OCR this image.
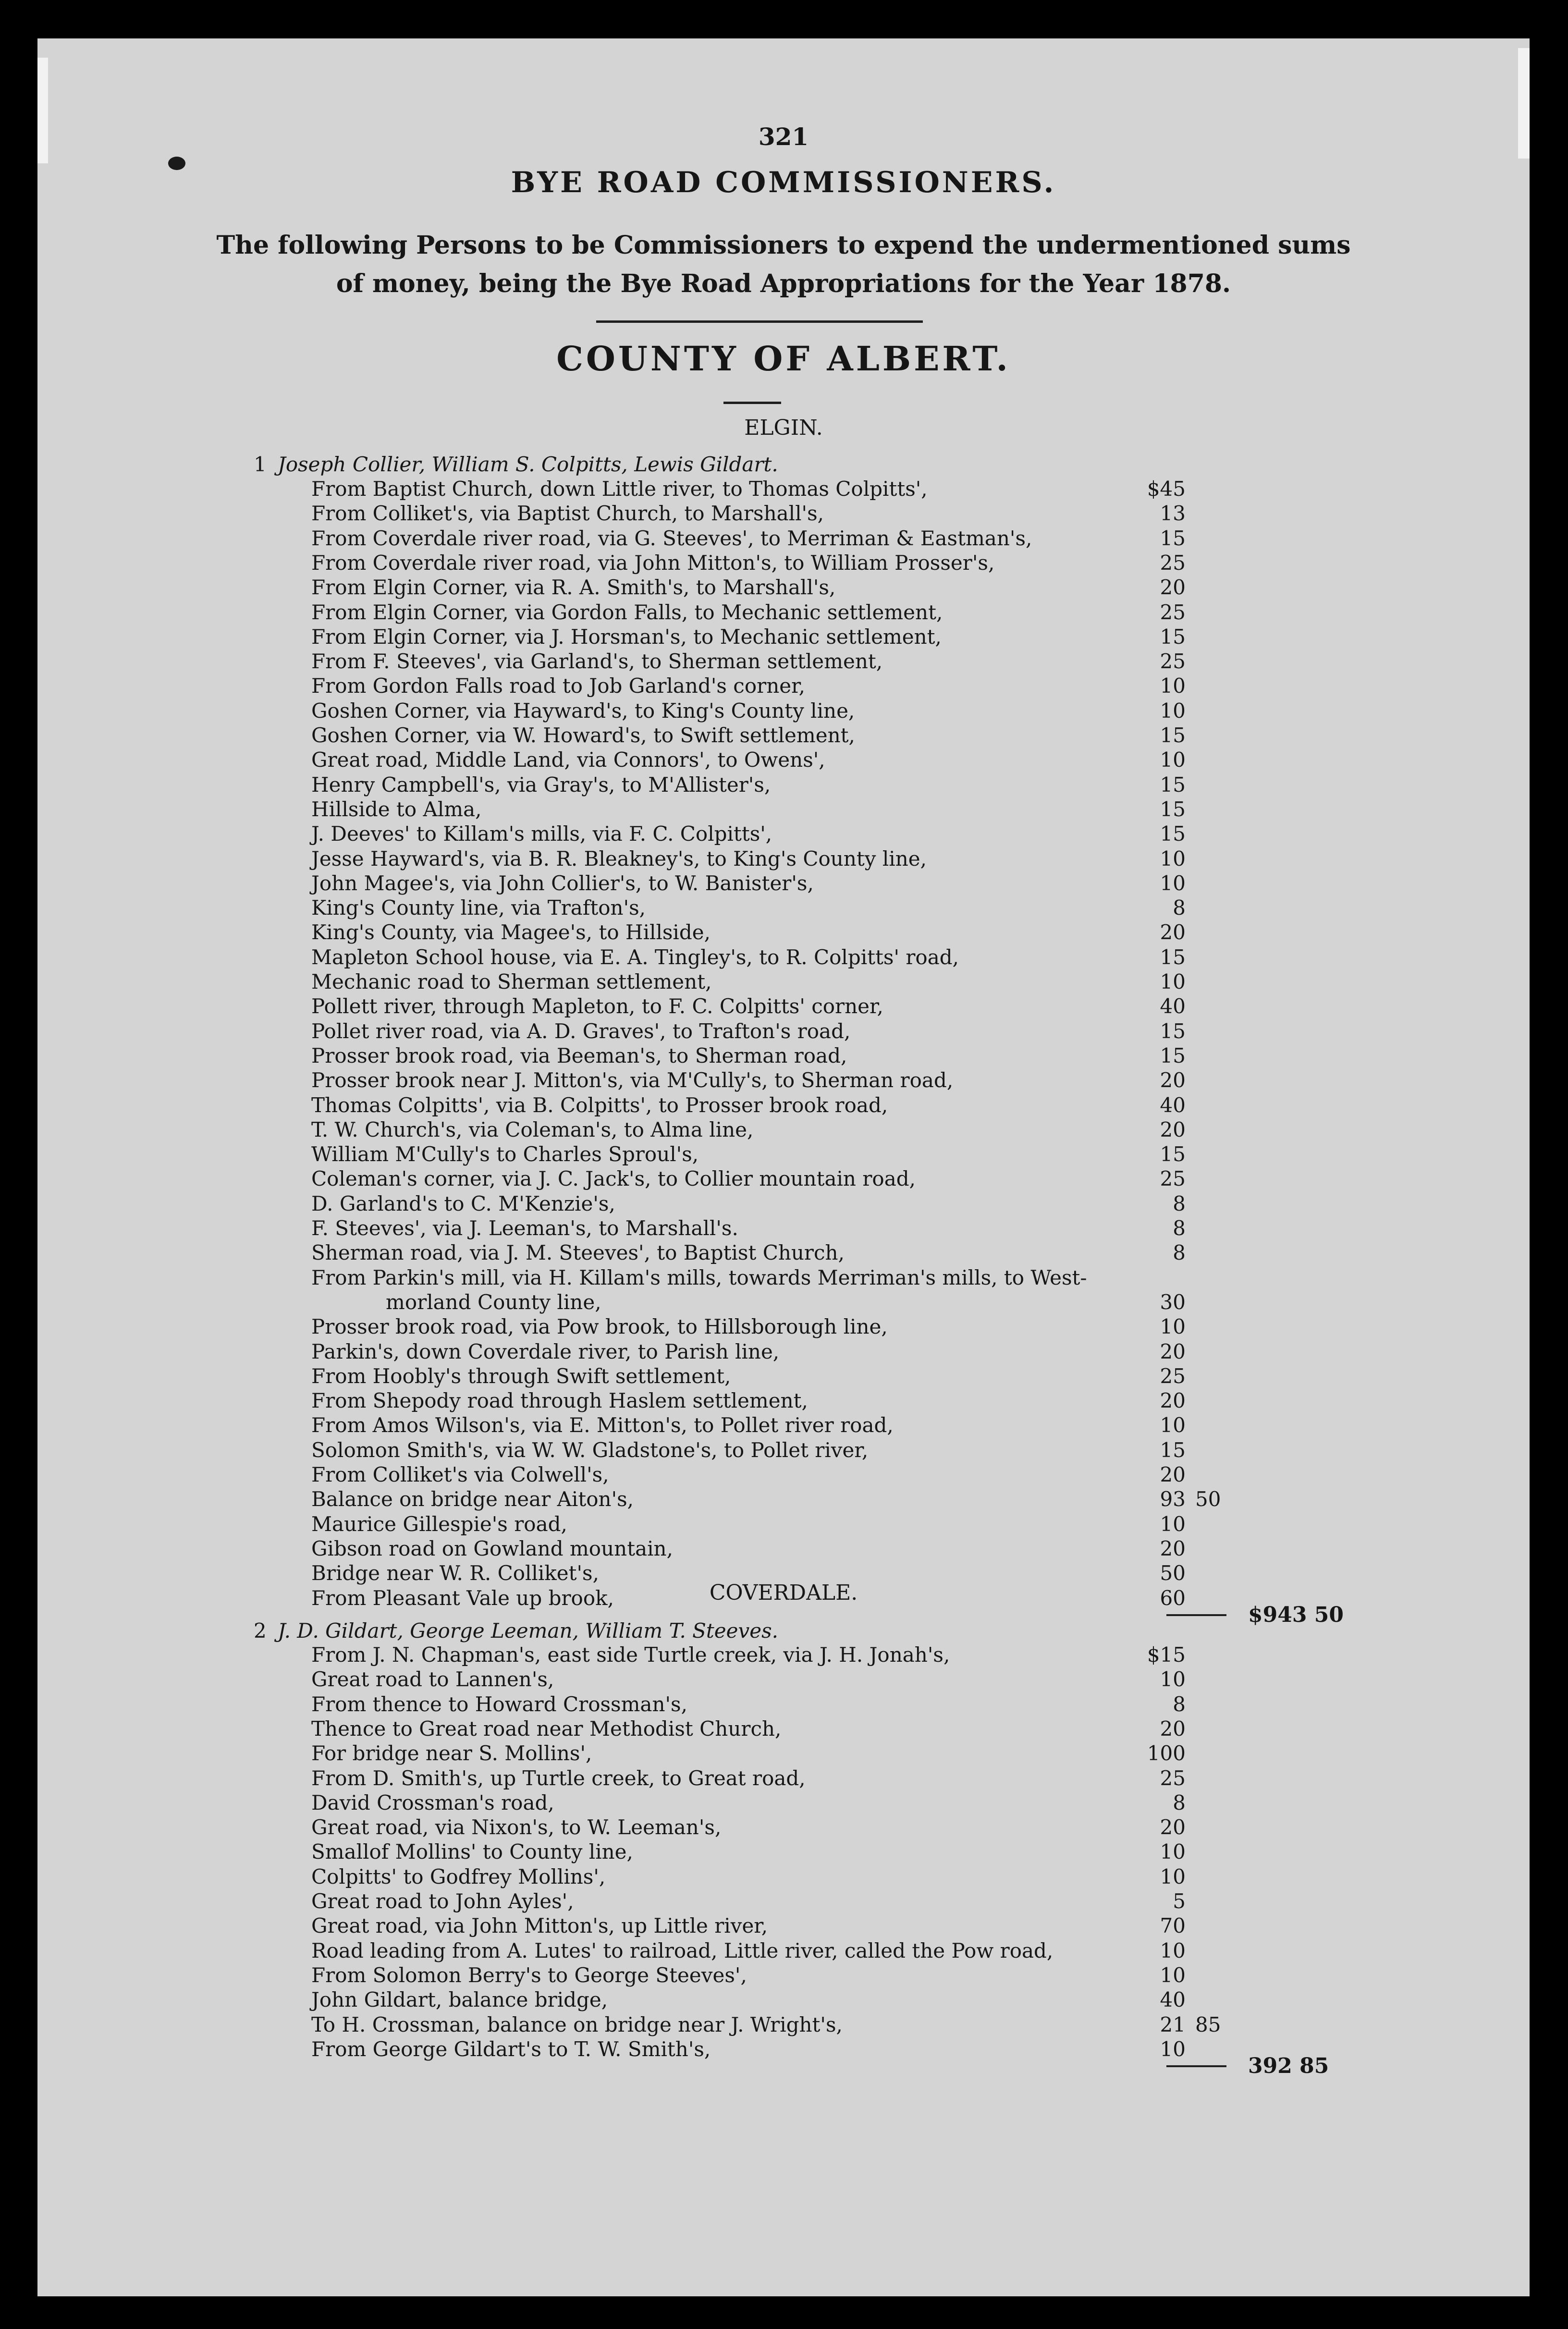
321
BYE ROAD COMMISSIONERS.
The following Persons to be Commissioners to expend the undermentioned sums
of money, being the Bye Road Appropriations for the Year 1878.
COUNTY OF ALBERT.
ELGIN.
1 Joseph Collier, William S. Colpitts, Lewis Gildart.
From Baptist Church, down Little river, to Thomas Colpitts',	$45
From Colliket's, via Baptist Church, to Marshall's,	13
From Coverdale river road, via G. Steeves', to Merriman & Eastman's,	15
From Coverdale river road, via John Mitton's, to William Prosser's,	25
From Elgin Corner, via R. A. Smith's, to Marshall's,	20
From Elgin Corner, via Gordon Falls, to Mechanic settlement,	25
From Elgin Corner, via J. Horsman's, to Mechanic settlement,	15
From F. Steeves', via Garland's, to Sherman settlement,	25
From Gordon Falls road to Job Garland's corner,	10
Goshen Corner, via Hayward's, to King's County line,	10
Goshen Corner, via W. Howard's, to Swift settlement,	15
Great road, Middle Land, via Connors', to Owens',	10
Henry Campbell's, via Gray's, to M'Allister's,	15
Hillside to Alma,	15
J. Deeves' to Killam's mills, via F. C. Colpitts',	15
Jesse Hayward's, via B. R. Bleakney's, to King's County line,	10
John Magee's, via John Collier's, to W. Banister's,	10
King's County line, via Trafton's,	8
King's County, via Magee's, to Hillside,	20
Mapleton School house, via E. A. Tingley's, to R. Colpitts' road,	15
Mechanic road to Sherman settlement,	10
Pollett river, through Mapleton, to F. C. Colpitts' corner,	40
Pollet river road, via A. D. Graves', to Trafton's road,	15
Prosser brook road, via Beeman's, to Sherman road,	15
Prosser brook near J. Mitton's, via M'Cully's, to Sherman road,	20
Thomas Colpitts', via B. Colpitts', to Prosser brook road,	40
T. W. Church's, via Coleman's, to Alma line,	20
William M'Cully's to Charles Sproul's,	15
Coleman's corner, via J. C. Jack's, to Collier mountain road,	25
D. Garland's to C. M'Kenzie's,	8
F. Steeves', via J. Leeman's, to Marshall's.	8
Sherman road, via J. M. Steeves', to Baptist Church,	8
From Parkin's mill, via H. Killam's mills, towards Merriman's mills, to West-
morland County line,	30
Prosser brook road, via Pow brook, to Hillsborough line,	10
Parkin's, down Coverdale river, to Parish line,	20
From Hoobly's through Swift settlement,	25
From Shepody road through Haslem settlement,	20
From Amos Wilson's, via E. Mitton's, to Pollet river road,	10
Solomon Smith's, via W. W. Gladstone's, to Pollet river,	15
From Colliket's via Colwell's,	20
Balance on bridge near Aiton's,	93 50
Maurice Gillespie's road,	10
Gibson road on Gowland mountain,	20
Bridge near W. R. Colliket's,	50
From Pleasant Vale up brook,	60
$943 50
COVERDALE.
2 J. D. Gildart, George Leeman, William T. Steeves.
From J. N. Chapman's, east side Turtle creek, via J. H. Jonah's,	$15
Great road to Lannen's,	10
From thence to Howard Crossman's,	8
Thence to Great road near Methodist Church,	20
For bridge near S. Mollins',	100
From D. Smith's, up Turtle creek, to Great road,	25
David Crossman's road,	8
Great road, via Nixon's, to W. Leeman's,	20
Smallof Mollins' to County line,	10
Colpitts' to Godfrey Mollins',	10
Great road to John Ayles',	5
Great road, via John Mitton's, up Little river,	70
Road leading from A. Lutes' to railroad, Little river, called the Pow road,	10
From Solomon Berry's to George Steeves',	10
John Gildart, balance bridge,	40
To H. Crossman, balance on bridge near J. Wright's,	21 85
From George Gildart's to T. W. Smith's,	10
392 85
